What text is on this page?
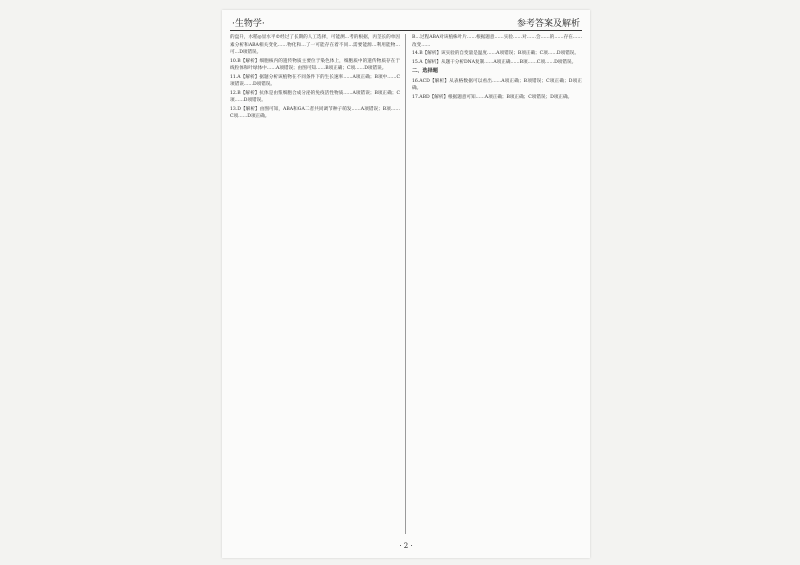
·生物学·	参考答案及解析

的盘升，水稻◎显水平©经过了长期的人工选择，可能测…考的根据，丙茎长的单因素分析和ABA相关变化……物化和…了一可能存在着不同…需要能源…利用能物…可…D项错误。

10.B【解析】细胞核内的遗传物质主要位于染色体上，细胞质中的遗传物质存在于线粒体和叶绿体中……A项错误；由图可知……B项正确；C项……D项错误。

11.A【解析】据题分析该植物在不同条件下的生长速率……A项正确；B项中……C项错误……D项错误。

12.B【解析】抗体是由浆细胞合成分泌的免疫活性物质……A项错误；B项正确；C项……D项错误。

13.D【解析】由图可知，ABA和GA二者共同调节种子萌发……A项错误；B项……C项……D项正确。

B…过程ABA对该植株叶片……根据题意……实验……对……会……的……存在……改变……

14.B【解析】该实验的自变量是温度……A项错误；B项正确；C项……D项错误。

15.A【解析】从题干分析DNA复制……A项正确……B项……C项……D项错误。

二、选择题

16.ACD【解析】从表格数据可以看出……A项正确；B项错误；C项正确；D项正确。

17.ABD【解析】根据题意可知……A项正确；B项正确；C项错误；D项正确。

· 2 ·
